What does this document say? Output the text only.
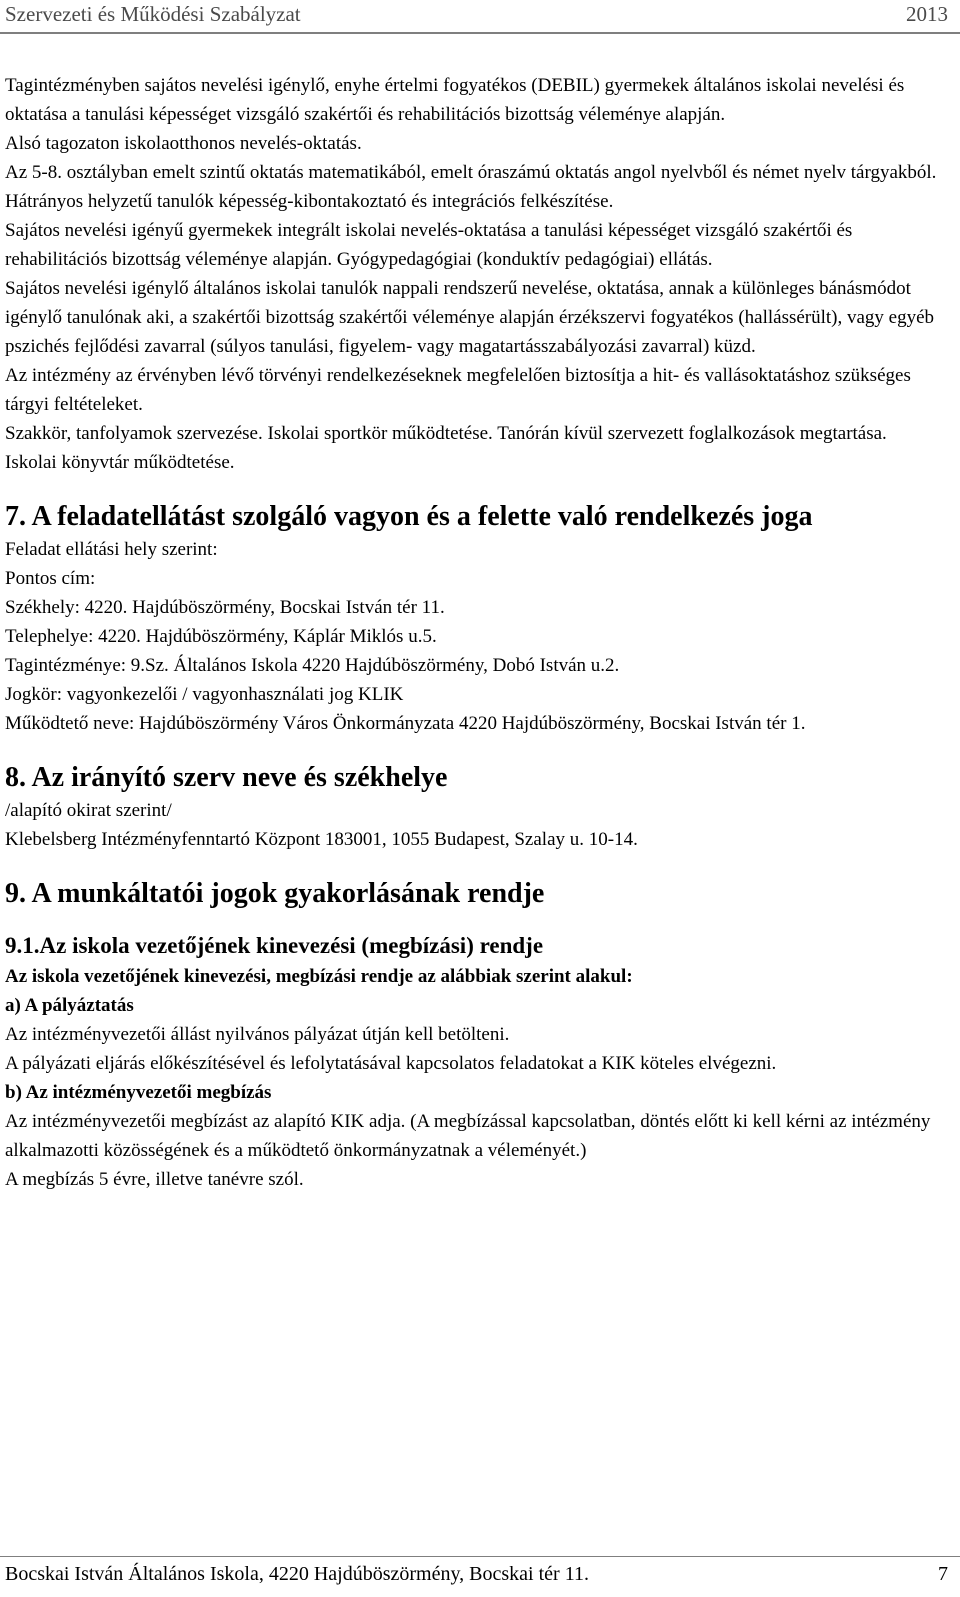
Szervezeti és Működési Szabályzat	2013

Tagintézményben sajátos nevelési igénylő, enyhe értelmi fogyatékos (DEBIL) gyermekek általános iskolai nevelési és oktatása a tanulási képességet vizsgáló szakértői és rehabilitációs bizottság véleménye alapján.

Alsó tagozaton iskolaotthonos nevelés-oktatás.

Az 5-8. osztályban emelt szintű oktatás matematikából, emelt óraszámú oktatás angol nyelvből és német nyelv tárgyakból.

Hátrányos helyzetű tanulók képesség-kibontakoztató és integrációs felkészítése.

Sajátos nevelési igényű gyermekek integrált iskolai nevelés-oktatása a tanulási képességet vizsgáló szakértői és rehabilitációs bizottság véleménye alapján. Gyógypedagógiai (konduktív pedagógiai) ellátás.

Sajátos nevelési igénylő általános iskolai tanulók nappali rendszerű nevelése, oktatása, annak a különleges bánásmódot igénylő tanulónak aki, a szakértői bizottság szakértői véleménye alapján érzékszervi fogyatékos (hallássérült), vagy egyéb pszichés fejlődési zavarral (súlyos tanulási, figyelem- vagy magatartásszabályozási zavarral) küzd.

Az intézmény az érvényben lévő törvényi rendelkezéseknek megfelelően biztosítja a hit- és vallásoktatáshoz szükséges tárgyi feltételeket.

Szakkör, tanfolyamok szervezése. Iskolai sportkör működtetése. Tanórán kívül szervezett foglalkozások megtartása.

Iskolai könyvtár működtetése.

7. A feladatellátást szolgáló vagyon és a felette való rendelkezés joga

Feladat ellátási hely szerint:

Pontos cím:

Székhely: 4220. Hajdúböszörmény, Bocskai István tér 11.

Telephelye: 4220. Hajdúböszörmény, Káplár Miklós u.5.

Tagintézménye: 9.Sz. Általános Iskola 4220 Hajdúböszörmény, Dobó István u.2.

Jogkör: vagyonkezelői / vagyonhasználati jog KLIK

Működtető neve: Hajdúböszörmény Város Önkormányzata 4220 Hajdúböszörmény, Bocskai István tér 1.

8. Az irányító szerv neve és székhelye

/alapító okirat szerint/

Klebelsberg Intézményfenntartó Központ 183001, 1055 Budapest, Szalay u. 10-14.

9. A munkáltatói jogok gyakorlásának rendje

9.1.Az iskola vezetőjének kinevezési (megbízási) rendje

Az iskola vezetőjének kinevezési, megbízási rendje az alábbiak szerint alakul:

a) A pályáztatás

Az intézményvezetői állást nyilvános pályázat útján kell betölteni.

A pályázati eljárás előkészítésével és lefolytatásával kapcsolatos feladatokat a KIK köteles elvégezni.

b) Az intézményvezetői megbízás

Az intézményvezetői megbízást az alapító KIK adja. (A megbízással kapcsolatban, döntés előtt ki kell kérni az intézmény alkalmazotti közösségének és a működtető önkormányzatnak a véleményét.)

A megbízás 5 évre, illetve tanévre szól.

Bocskai István Általános Iskola, 4220 Hajdúböszörmény, Bocskai tér 11.	7
